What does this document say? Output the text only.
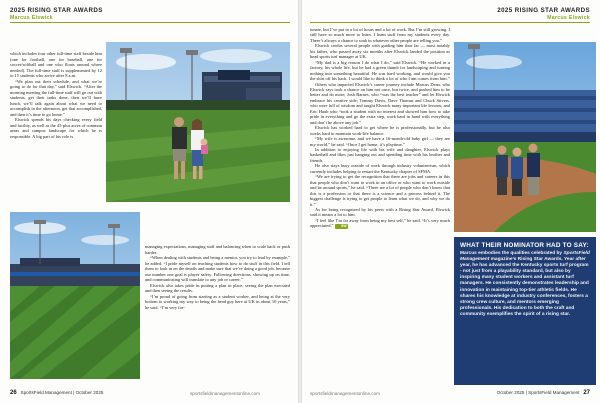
2025 RISING STAR AWARDS
Marcus Elswick

which includes four other full-time staff beside him (one for football, one for baseball, one for soccer/softball and one who floats around where needed). The full-time staff is supplemented by 12 to 15 students who arrive after 8 a.m.

“We plan out their schedule, and what we’re going to do for that day,” said Elswick. “After the morning meeting the full-time staff will go out with students, get their tasks done, then we’ll have lunch, we’ll talk again about what we need to accomplish in the afternoon, get that accomplished, and then it’s time to go home.”

Elswick spends his days checking every field and facility, as well as the 45-plus acres of common areas and campus landscape for which he is responsible. A big part of his role is

managing expectations, managing staff and balancing when to scale back or push harder.

“When dealing with students and being a mentor, you try to lead by example,” he added. “I pride myself on teaching students how to do stuff in this field. I tell them to look in on the details and make sure that we’re doing a good job, because our number one goal is player safety. Following directions, showing up on time, and communicating will translate to any job or career.”

Elswick also takes pride in putting a plan in place, seeing the plan executed and then seeing the results.

“I’m proud of going from starting as a student worker, and being at the very bottom to working my way to being the head guy here at UK in about 10 years,” he said. “I’m very for-

26 SportsField Management | October 2025	sportsfieldmanagementonline.com
2025 RISING STAR AWARDS
Marcus Elswick

tunate, but I’ve put in a lot of hours and a lot of work. But I’m still growing. I still have so much more to learn. I learn stuff from my students every day. There’s always a chance to soak in whatever other people are telling you.”

Elswick credits several people with guiding him thus far — most notably his father, who passed away six months after Elswick landed the position as head sports turf manager at UK.

“My dad is a big reason I do what I do,” said Elswick. “He worked in a factory, his whole life, but he had a green thumb for landscaping and turning nothing into something beautiful. He was hard working, and would give you the shirt off his back. I would like to think a lot of who I am comes from him.”

Others who impacted Elswick’s career journey include Marcus Dean, who Elswick says took a chance on him not once, but twice, and pushed him to be better and do more; Josh Barnes, who “was the best teacher” and let Elswick embrace his creative side; Tommy Davis, Dave Thomas and Chuck Stivers, who were full of wisdom and taught Elswick many important life lessons; and Eric Haub who “took a student with no interest and showed him how to take pride in everything and go the extra step, work hard in hand with everything and don’t be above any job.”

Elswick has worked hard to get where he is professionally, but he also works hard to maintain work-life balance.

“My wife is awesome, and we have a 16-month-old baby girl — they are my world,” he said. “Once I get home, it’s playtime.”

In addition to enjoying life with his wife and daughter, Elswick plays basketball and likes just hanging out and spending time with his brother and friends.

He also stays busy outside of work through industry volunteerism, which currently includes helping to restart the Kentucky chapter of SFMA.

“We are trying to get the recognition that there are jobs and careers in this that people who don’t want to work in an office or who want to work outside and be around sports,” he said. “There are a lot of people who don’t know that this is a profession or that there is a science and a process behind it. The biggest challenge is trying to get people to learn what we do, and why we do it.”

As for being recognized by his peers with a Rising Star Award, Elswick said it means a lot to him.

“I feel like I’m far away from being my best self,” he said. “It’s very much appreciated.” SW

WHAT THEIR NOMINATOR HAD TO SAY:
Marcus embodies the qualities celebrated by SportsField Management magazine’s Rising Star Awards. Year after year, he has advanced the Kentucky sports turf program - not just from a playability standard, but also by inspiring many student workers and assistant turf managers. He consistently demonstrates leadership and innovation in maintaining top-tier athletic fields. He shares his knowledge at industry conferences, fosters a strong crew culture, and mentors emerging professionals. His dedication to both the craft and community exemplifies the spirit of a rising star.
sportsfieldmanagementonline.com	October 2025 | SportsField Management 27
